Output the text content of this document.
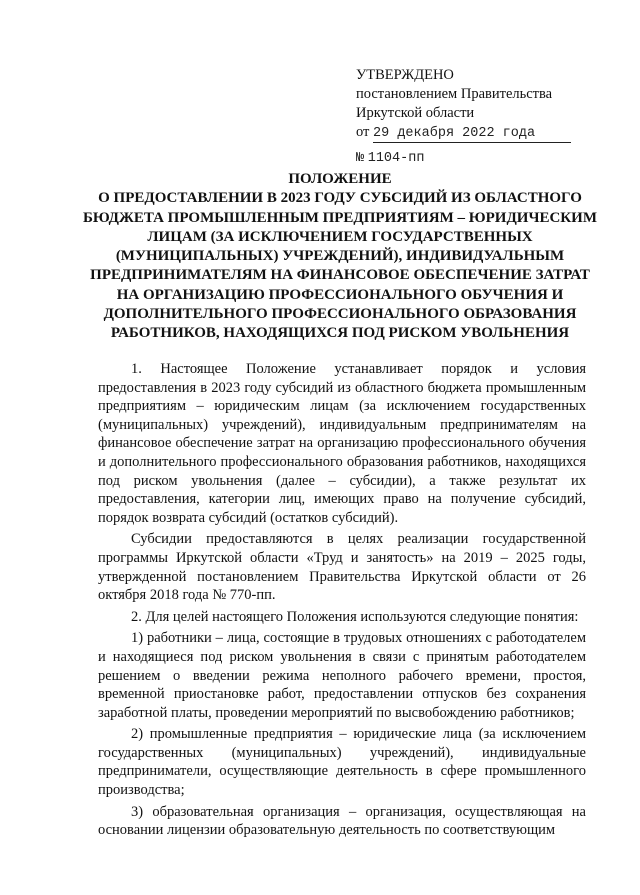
УТВЕРЖДЕНО
постановлением Правительства
Иркутской области
от 29 декабря 2022 года
№ 1104-пп
ПОЛОЖЕНИЕ
О ПРЕДОСТАВЛЕНИИ В 2023 ГОДУ СУБСИДИЙ ИЗ ОБЛАСТНОГО БЮДЖЕТА ПРОМЫШЛЕННЫМ ПРЕДПРИЯТИЯМ – ЮРИДИЧЕСКИМ ЛИЦАМ (ЗА ИСКЛЮЧЕНИЕМ ГОСУДАРСТВЕННЫХ (МУНИЦИПАЛЬНЫХ) УЧРЕЖДЕНИЙ), ИНДИВИДУАЛЬНЫМ ПРЕДПРИНИМАТЕЛЯМ НА ФИНАНСОВОЕ ОБЕСПЕЧЕНИЕ ЗАТРАТ НА ОРГАНИЗАЦИЮ ПРОФЕССИОНАЛЬНОГО ОБУЧЕНИЯ И ДОПОЛНИТЕЛЬНОГО ПРОФЕССИОНАЛЬНОГО ОБРАЗОВАНИЯ РАБОТНИКОВ, НАХОДЯЩИХСЯ ПОД РИСКОМ УВОЛЬНЕНИЯ

1. Настоящее Положение устанавливает порядок и условия предоставления в 2023 году субсидий из областного бюджета промышленным предприятиям – юридическим лицам (за исключением государственных (муниципальных) учреждений), индивидуальным предпринимателям на финансовое обеспечение затрат на организацию профессионального обучения и дополнительного профессионального образования работников, находящихся под риском увольнения (далее – субсидии), а также результат их предоставления, категории лиц, имеющих право на получение субсидий, порядок возврата субсидий (остатков субсидий).

Субсидии предоставляются в целях реализации государственной программы Иркутской области «Труд и занятость» на 2019 – 2025 годы, утвержденной постановлением Правительства Иркутской области от 26 октября 2018 года № 770-пп.

2. Для целей настоящего Положения используются следующие понятия:

1) работники – лица, состоящие в трудовых отношениях с работодателем и находящиеся под риском увольнения в связи с принятым работодателем решением о введении режима неполного рабочего времени, простоя, временной приостановке работ, предоставлении отпусков без сохранения заработной платы, проведении мероприятий по высвобождению работников;

2) промышленные предприятия – юридические лица (за исключением государственных (муниципальных) учреждений), индивидуальные предприниматели, осуществляющие деятельность в сфере промышленного производства;

3) образовательная организация – организация, осуществляющая на основании лицензии образовательную деятельность по соответствующим
